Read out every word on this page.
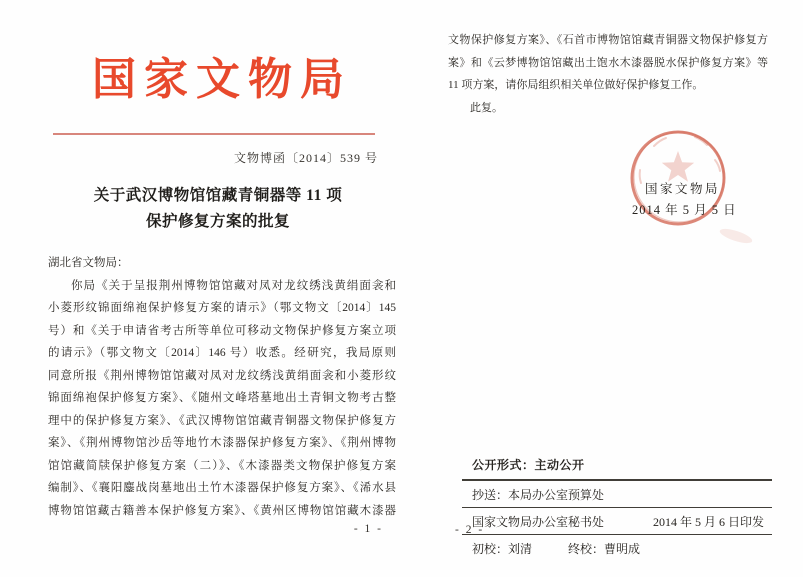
国家文物局
文物博函〔2014〕539 号
关于武汉博物馆馆藏青铜器等 11 项
保护修复方案的批复
湖北省文物局：
你局《关于呈报荆州博物馆馆藏对凤对龙纹绣浅黄绢面衾和
小菱形纹锦面绵袍保护修复方案的请示》（鄂文物文〔2014〕145
号）和《关于申请省考古所等单位可移动文物保护修复方案立项
的请示》（鄂文物文〔2014〕146 号）收悉。经研究，我局原则
同意所报《荆州博物馆馆藏对凤对龙纹绣浅黄绢面衾和小菱形纹
锦面绵袍保护修复方案》、《随州文峰塔墓地出土青铜文物考古整
理中的保护修复方案》、《武汉博物馆馆藏青铜器文物保护修复方
案》、《荆州博物馆沙岳等地竹木漆器保护修复方案》、《荆州博物
馆馆藏简牍保护修复方案（二）》、《木漆器类文物保护修复方案
编制》、《襄阳鏖战岗墓地出土竹木漆器保护修复方案》、《浠水县
博物馆馆藏古籍善本保护修复方案》、《黄州区博物馆馆藏木漆器
- 1 -
文物保护修复方案》、《石首市博物馆馆藏青铜器文物保护修复方
案》和《云梦博物馆馆藏出土饱水木漆器脱水保护修复方案》等
11 项方案，请你局组织相关单位做好保护修复工作。
此复。
国家文物局
2014 年 5 月 5 日
公开形式：主动公开
抄送：本局办公室预算处
国家文物局办公室秘书处	2014 年 5 月 6 日印发
初校：刘清	终校：曹明成
- 2 -
